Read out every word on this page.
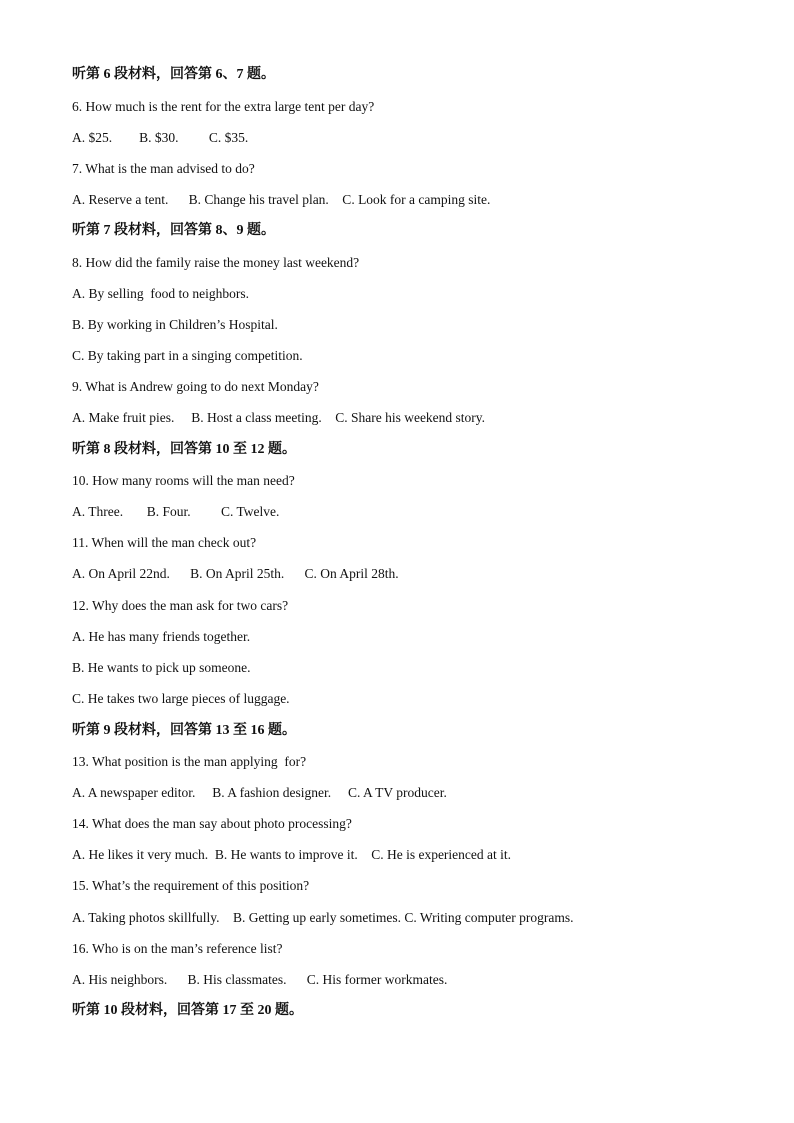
听第 6 段材料，回答第 6、7 题。
6. How much is the rent for the extra large tent per day?
A. $25.        B. $30.         C. $35.
7. What is the man advised to do?
A. Reserve a tent.      B. Change his travel plan.    C. Look for a camping site.
听第 7 段材料，回答第 8、9 题。
8. How did the family raise the money last weekend?
A. By selling  food to neighbors.
B. By working in Children’s Hospital.
C. By taking part in a singing competition.
9. What is Andrew going to do next Monday?
A. Make fruit pies.     B. Host a class meeting.    C. Share his weekend story.
听第 8 段材料，回答第 10 至 12 题。
10. How many rooms will the man need?
A. Three.       B. Four.         C. Twelve.
11. When will the man check out?
A. On April 22nd.      B. On April 25th.      C. On April 28th.
12. Why does the man ask for two cars?
A. He has many friends together.
B. He wants to pick up someone.
C. He takes two large pieces of luggage.
听第 9 段材料，回答第 13 至 16 题。
13. What position is the man applying  for?
A. A newspaper editor.     B. A fashion designer.     C. A TV producer.
14. What does the man say about photo processing?
A. He likes it very much.  B. He wants to improve it.    C. He is experienced at it.
15. What’s the requirement of this position?
A. Taking photos skillfully.    B. Getting up early sometimes. C. Writing computer programs.
16. Who is on the man’s reference list?
A. His neighbors.      B. His classmates.      C. His former workmates.
听第 10 段材料，回答第 17 至 20 题。
